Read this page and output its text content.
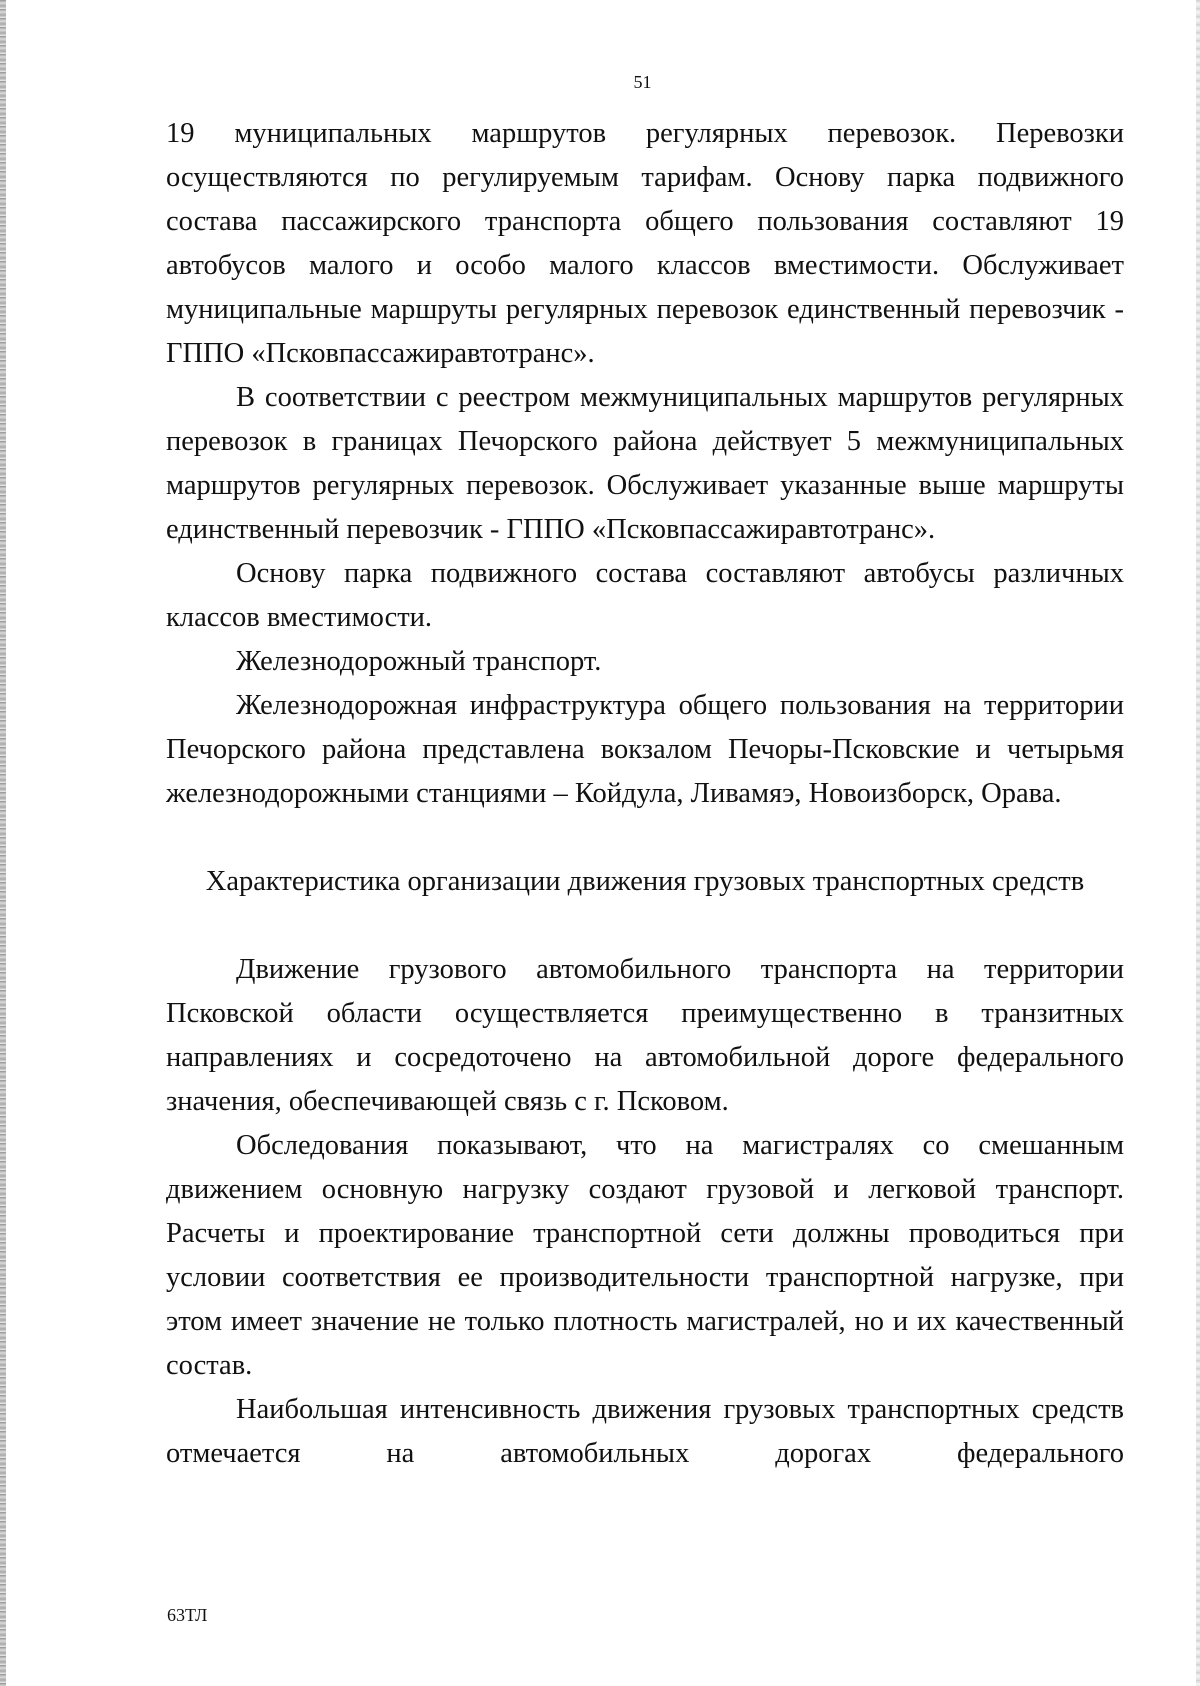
51

19 муниципальных маршрутов регулярных перевозок. Перевозки

осуществляются по регулируемым тарифам. Основу парка подвижного состава пассажирского транспорта общего пользования составляют 19 автобусов малого и особо малого классов вместимости. Обслуживает муниципальные маршруты регулярных перевозок единственный перевозчик - ГППО «Псковпассажиравтотранс».

В соответствии с реестром межмуниципальных маршрутов регулярных перевозок в границах Печорского района действует 5 межмуниципальных маршрутов регулярных перевозок. Обслуживает указанные выше маршруты единственный перевозчик - ГППО «Псковпассажиравтотранс».

Основу парка подвижного состава составляют автобусы различных классов вместимости.

Железнодорожный транспорт.

Железнодорожная инфраструктура общего пользования на территории Печорского района представлена вокзалом Печоры-Псковские и четырьмя железнодорожными станциями – Койдула, Ливамяэ, Новоизборск, Орава.

Характеристика организации движения грузовых транспортных средств

Движение грузового автомобильного транспорта на территории Псковской области осуществляется преимущественно в транзитных направлениях и сосредоточено на автомобильной дороге федерального значения, обеспечивающей связь с г. Псковом.

Обследования показывают, что на магистралях со смешанным движением основную нагрузку создают грузовой и легковой транспорт. Расчеты и проектирование транспортной сети должны проводиться при условии соответствия ее производительности транспортной нагрузке, при этом имеет значение не только плотность магистралей, но и их качественный состав.

Наибольшая интенсивность движения грузовых транспортных средств отмечается на автомобильных дорогах федерального

63ТЛ
